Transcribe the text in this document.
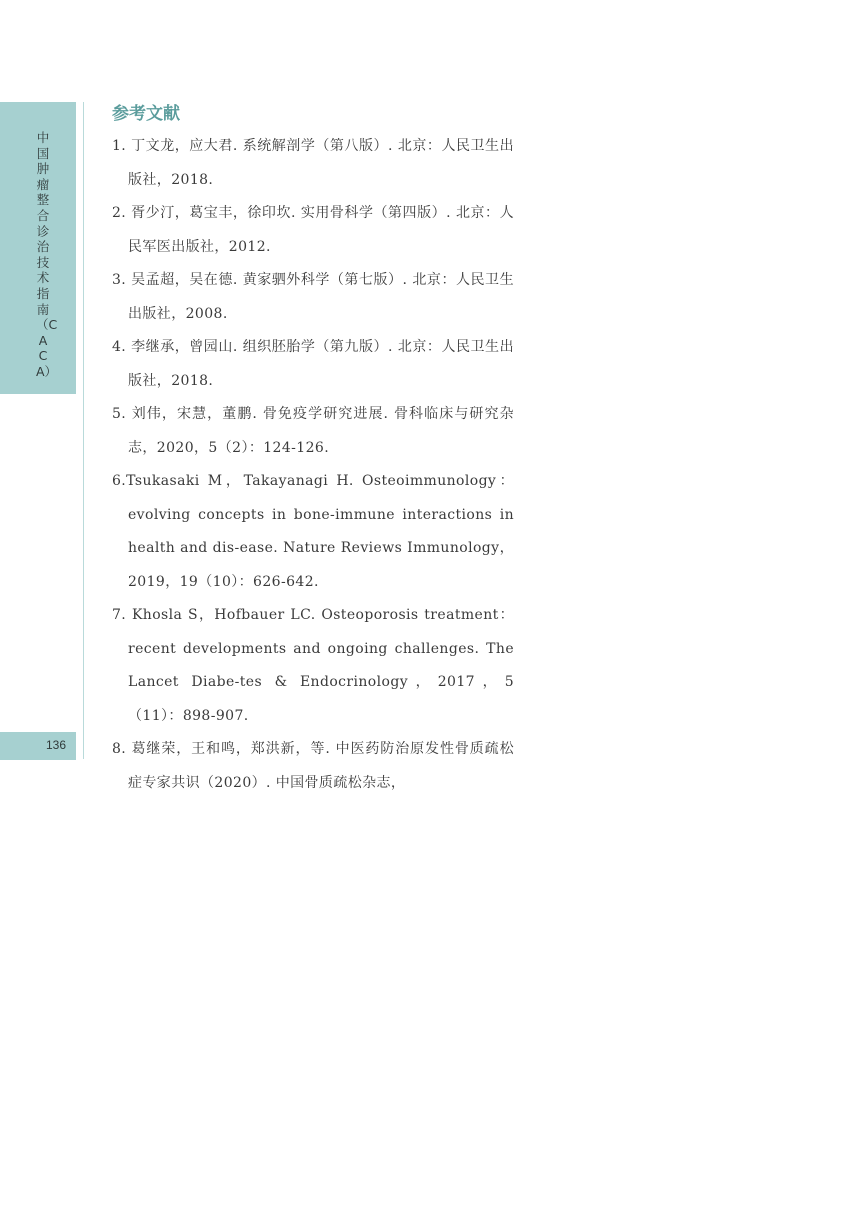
中国肿瘤整合诊治技术指南（CACA）
136
参考文献
1. 丁文龙，应大君. 系统解剖学（第八版）. 北京：人民卫生出版社，2018.
2. 胥少汀，葛宝丰，徐印坎. 实用骨科学（第四版）. 北京：人民军医出版社，2012.
3. 吴孟超，吴在德. 黄家驷外科学（第七版）. 北京：人民卫生出版社，2008.
4. 李继承，曾园山. 组织胚胎学（第九版）. 北京：人民卫生出版社，2018.
5. 刘伟，宋慧，董鹏. 骨免疫学研究进展. 骨科临床与研究杂志，2020，5（2）：124-126.
6.Tsukasaki M，Takayanagi H. Osteoimmunology：evolving concepts in bone-immune interactions in health and dis-ease. Nature Reviews Immunology，2019，19（10）：626-642.
7. Khosla S，Hofbauer LC. Osteoporosis treatment：recent developments and ongoing challenges. The Lancet Diabe-tes & Endocrinology，2017，5（11）：898-907.
8. 葛继荣，王和鸣，郑洪新，等. 中医药防治原发性骨质疏松症专家共识（2020）. 中国骨质疏松杂志，
